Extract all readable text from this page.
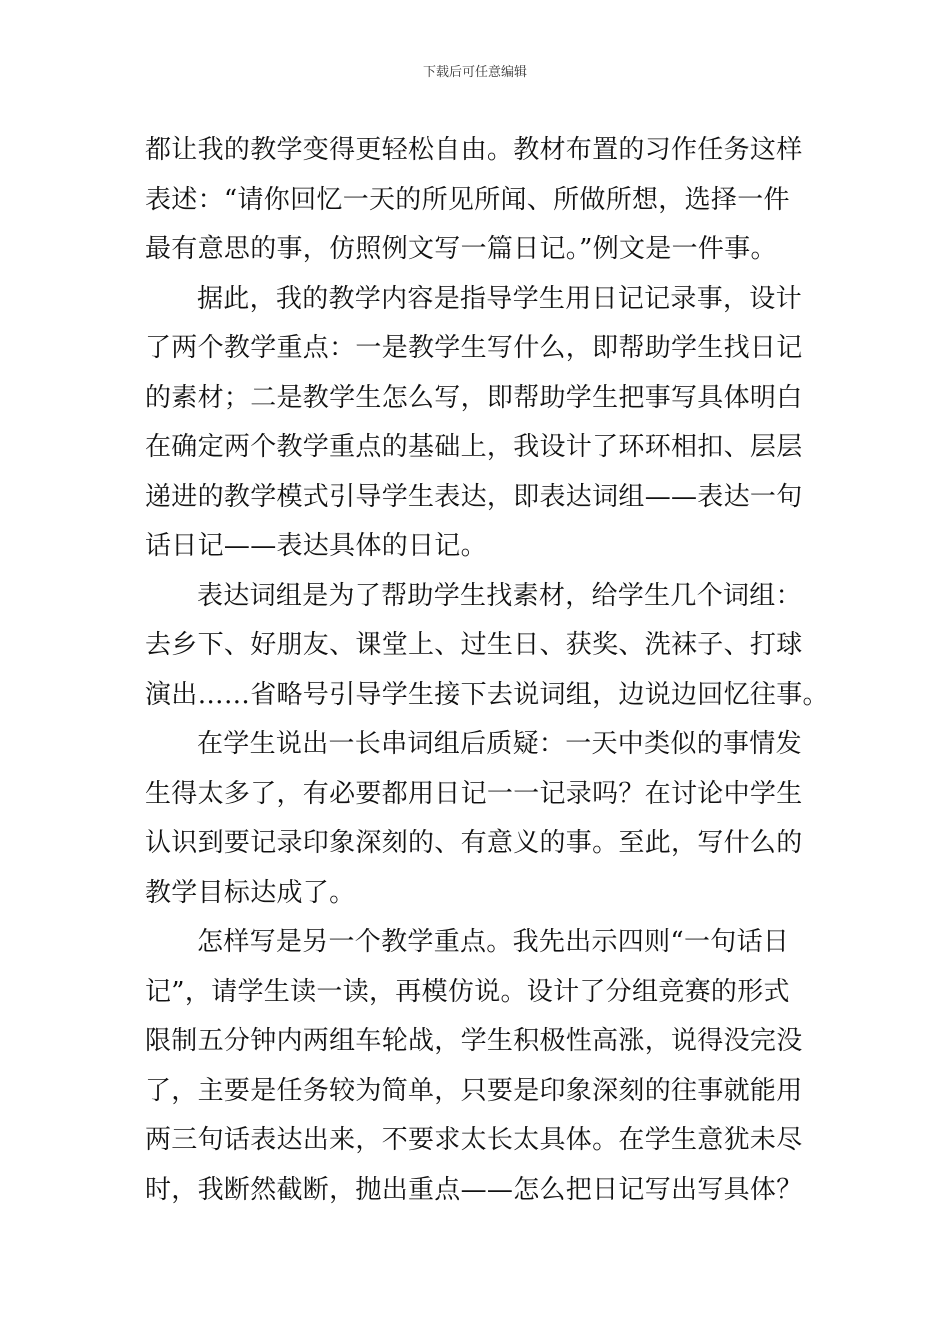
下载后可任意编辑
都让我的教学变得更轻松自由。教材布置的习作任务这样
表述：“请你回忆一天的所见所闻、所做所想，选择一件
最有意思的事，仿照例文写一篇日记。”例文是一件事。
据此，我的教学内容是指导学生用日记记录事，设计
了两个教学重点：一是教学生写什么，即帮助学生找日记
的素材；二是教学生怎么写，即帮助学生把事写具体明白
在确定两个教学重点的基础上，我设计了环环相扣、层层
递进的教学模式引导学生表达，即表达词组——表达一句
话日记——表达具体的日记。
表达词组是为了帮助学生找素材，给学生几个词组：
去乡下、好朋友、课堂上、过生日、获奖、洗袜子、打球
演出……省略号引导学生接下去说词组，边说边回忆往事。
在学生说出一长串词组后质疑：一天中类似的事情发
生得太多了，有必要都用日记一一记录吗？在讨论中学生
认识到要记录印象深刻的、有意义的事。至此，写什么的
教学目标达成了。
怎样写是另一个教学重点。我先出示四则“一句话日
记”，请学生读一读，再模仿说。设计了分组竞赛的形式
限制五分钟内两组车轮战，学生积极性高涨，说得没完没
了，主要是任务较为简单，只要是印象深刻的往事就能用
两三句话表达出来，不要求太长太具体。在学生意犹未尽
时，我断然截断，抛出重点——怎么把日记写出写具体？
